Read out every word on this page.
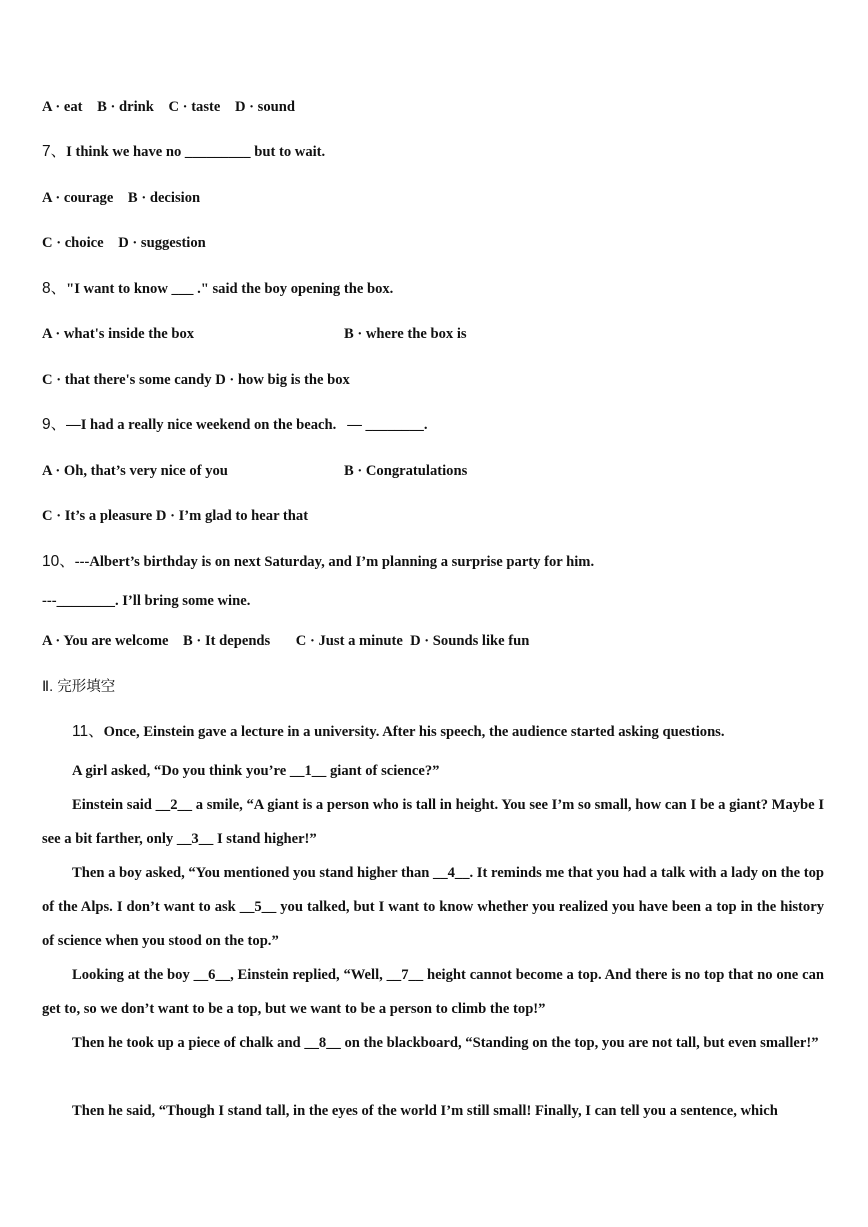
A · eat    B · drink    C · taste    D · sound
7、I think we have no _________ but to wait.
A · courage    B · decision
C · choice    D · suggestion
8、"I want to know ___ ." said the boy opening the box.
A · what's inside the box	B · where the box is
C · that there's some candy D · how big is the box
9、—I had a really nice weekend on the beach.   — ________.
A · Oh, that’s very nice of you	B · Congratulations
C · It’s a pleasure D · I’m glad to hear that
10、---Albert’s birthday is on next Saturday, and I’m planning a surprise party for him.
---________. I’ll bring some wine.
A · You are welcome    B · It depends       C · Just a minute  D · Sounds like fun
Ⅱ. 完形填空
11、Once, Einstein gave a lecture in a university. After his speech, the audience started asking questions.
A girl asked, “Do you think you’re __1__ giant of science?”
Einstein said __2__ a smile, “A giant is a person who is tall in height. You see I’m so small, how can I be a giant? Maybe I see a bit farther, only __3__ I stand higher!”
Then a boy asked, “You mentioned you stand higher than __4__. It reminds me that you had a talk with a lady on the top of the Alps. I don’t want to ask __5__ you talked, but I want to know whether you realized you have been a top in the history of science when you stood on the top.”
Looking at the boy __6__, Einstein replied, “Well, __7__ height cannot become a top. And there is no top that no one can get to, so we don’t want to be a top, but we want to be a person to climb the top!”
Then he took up a piece of chalk and __8__ on the blackboard, “Standing on the top, you are not tall, but even smaller!”
Then he said, “Though I stand tall, in the eyes of the world I’m still small! Finally, I can tell you a sentence, which
